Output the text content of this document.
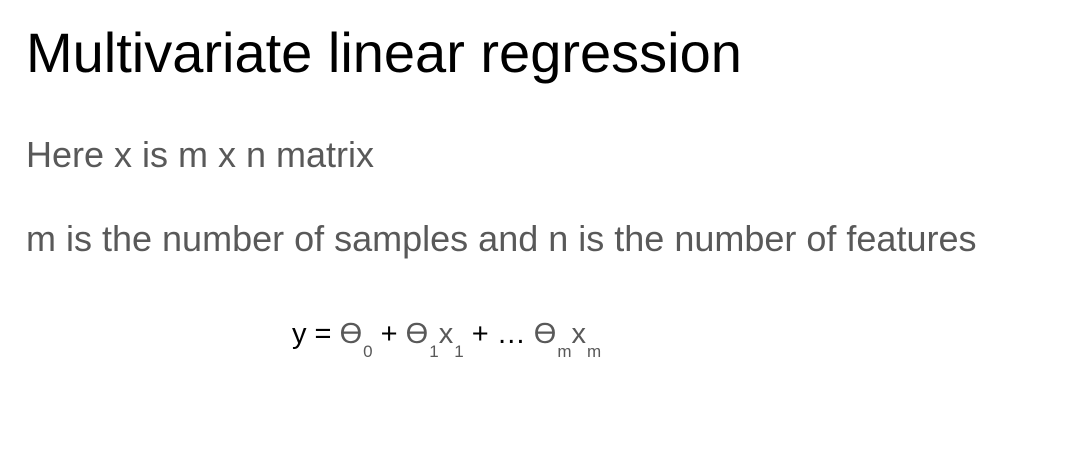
Multivariate linear regression
Here x is m x n matrix
m is the number of samples and n is the number of features
$y = ϴ_0 + ϴ_1x_1$ + … $ϴ_mx_m$
